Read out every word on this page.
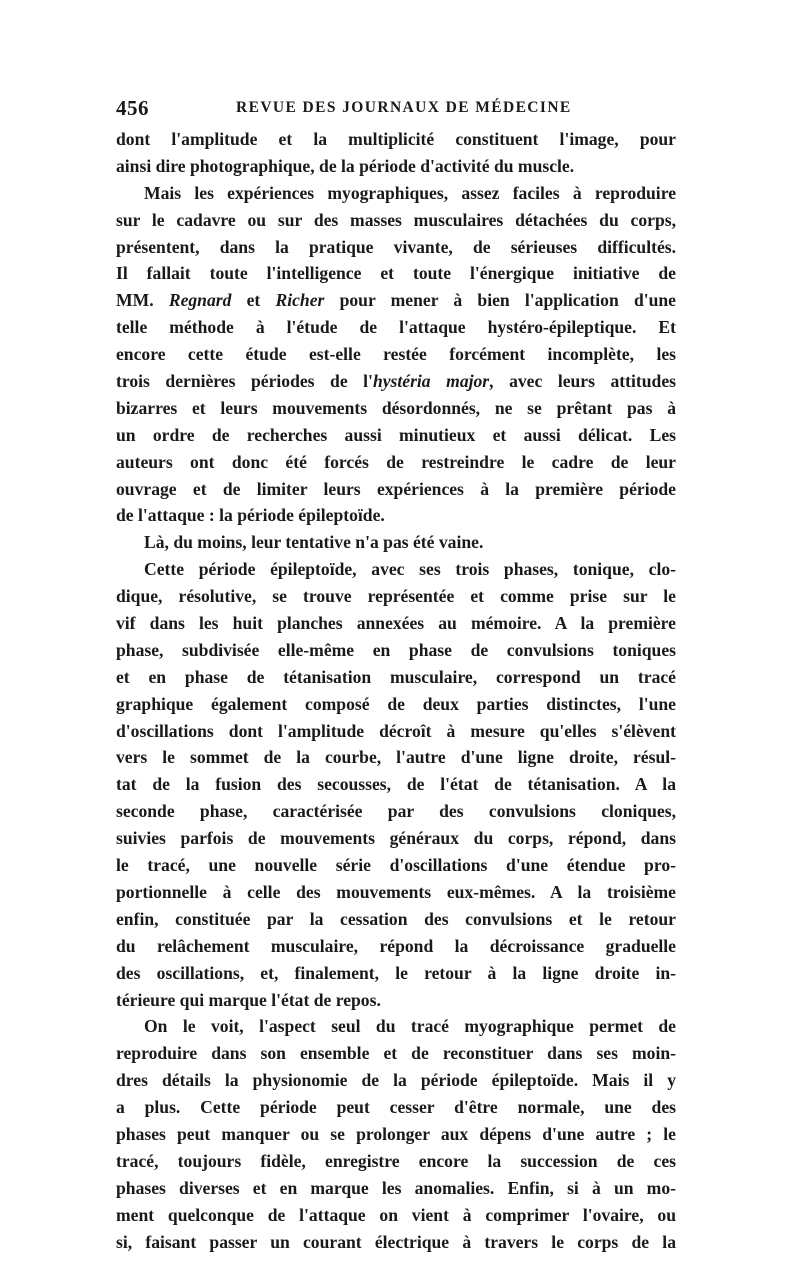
456	REVUE DES JOURNAUX DE MÉDECINE
dont l'amplitude et la multiplicité constituent l'image, pour
ainsi dire photographique, de la période d'activité du muscle.
Mais les expériences myographiques, assez faciles à reproduire
sur le cadavre ou sur des masses musculaires détachées du corps,
présentent, dans la pratique vivante, de sérieuses difficultés.
Il fallait toute l'intelligence et toute l'énergique initiative de
MM. Regnard et Richer pour mener à bien l'application d'une
telle méthode à l'étude de l'attaque hystéro-épileptique. Et
encore cette étude est-elle restée forcément incomplète, les
trois dernières périodes de l'hystéria major, avec leurs attitudes
bizarres et leurs mouvements désordonnés, ne se prêtant pas à
un ordre de recherches aussi minutieux et aussi délicat. Les
auteurs ont donc été forcés de restreindre le cadre de leur
ouvrage et de limiter leurs expériences à la première période
de l'attaque : la période épileptoïde.
Là, du moins, leur tentative n'a pas été vaine.
Cette période épileptoïde, avec ses trois phases, tonique, clo-
dique, résolutive, se trouve représentée et comme prise sur le
vif dans les huit planches annexées au mémoire. A la première
phase, subdivisée elle-même en phase de convulsions toniques
et en phase de tétanisation musculaire, correspond un tracé
graphique également composé de deux parties distinctes, l'une
d'oscillations dont l'amplitude décroît à mesure qu'elles s'élèvent
vers le sommet de la courbe, l'autre d'une ligne droite, résul-
tat de la fusion des secousses, de l'état de tétanisation. A la
seconde phase, caractérisée par des convulsions cloniques,
suivies parfois de mouvements généraux du corps, répond, dans
le tracé, une nouvelle série d'oscillations d'une étendue pro-
portionnelle à celle des mouvements eux-mêmes. A la troisième
enfin, constituée par la cessation des convulsions et le retour
du relâchement musculaire, répond la décroissance graduelle
des oscillations, et, finalement, le retour à la ligne droite in-
térieure qui marque l'état de repos.
On le voit, l'aspect seul du tracé myographique permet de
reproduire dans son ensemble et de reconstituer dans ses moin-
dres détails la physionomie de la période épileptoïde. Mais il y
a plus. Cette période peut cesser d'être normale, une des
phases peut manquer ou se prolonger aux dépens d'une autre ; le
tracé, toujours fidèle, enregistre encore la succession de ces
phases diverses et en marque les anomalies. Enfin, si à un mo-
ment quelconque de l'attaque on vient à comprimer l'ovaire, ou
si, faisant passer un courant électrique à travers le corps de la
